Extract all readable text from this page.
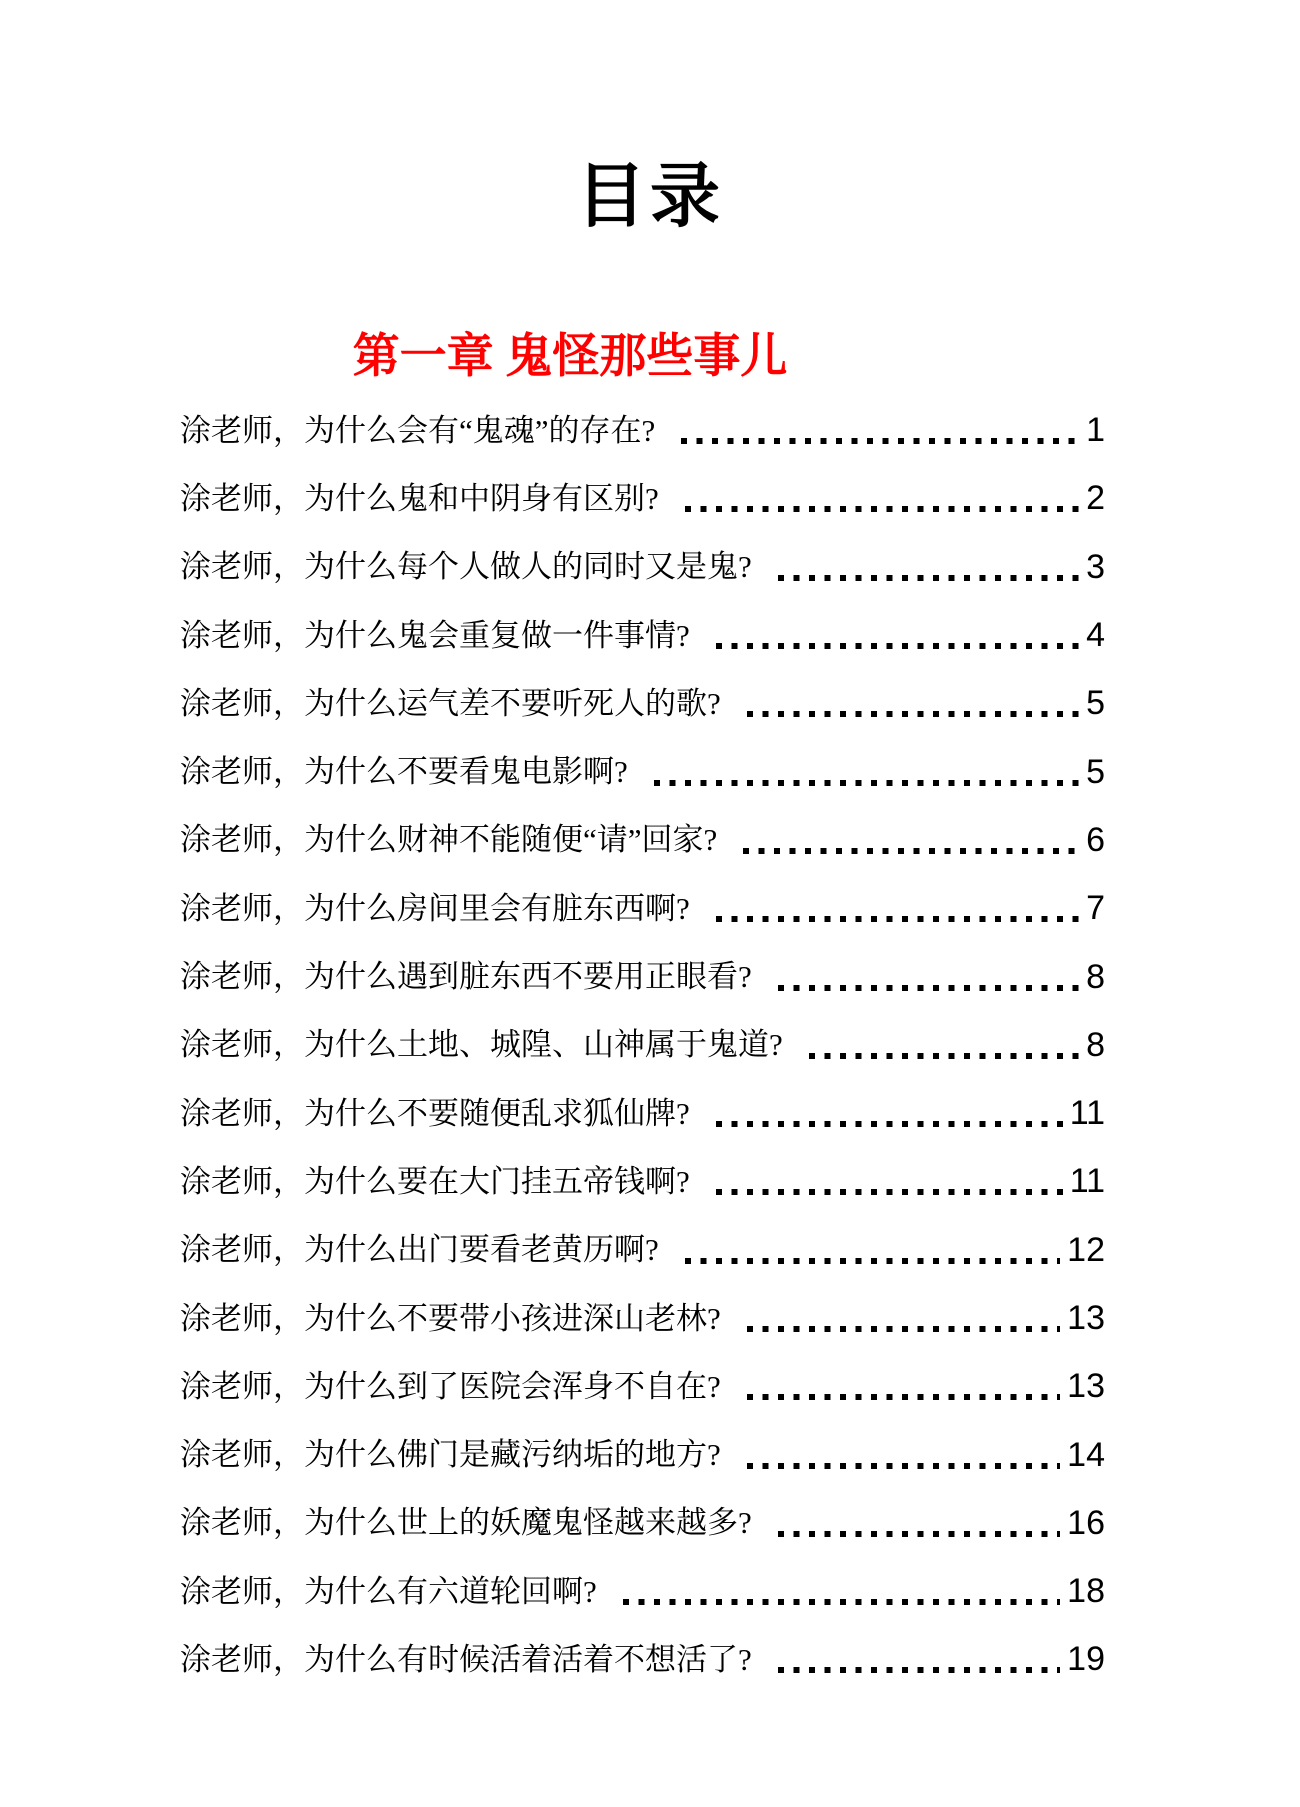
目录
第一章 鬼怪那些事儿
涂老师，为什么会有“鬼魂”的存在?	1
涂老师，为什么鬼和中阴身有区别?	2
涂老师，为什么每个人做人的同时又是鬼?	3
涂老师，为什么鬼会重复做一件事情?	4
涂老师，为什么运气差不要听死人的歌?	5
涂老师，为什么不要看鬼电影啊?	5
涂老师，为什么财神不能随便“请”回家?	6
涂老师，为什么房间里会有脏东西啊?	7
涂老师，为什么遇到脏东西不要用正眼看?	8
涂老师，为什么土地、城隍、山神属于鬼道?	8
涂老师，为什么不要随便乱求狐仙牌?	11
涂老师，为什么要在大门挂五帝钱啊?	11
涂老师，为什么出门要看老黄历啊?	12
涂老师，为什么不要带小孩进深山老林?	13
涂老师，为什么到了医院会浑身不自在?	13
涂老师，为什么佛门是藏污纳垢的地方?	14
涂老师，为什么世上的妖魔鬼怪越来越多?	16
涂老师，为什么有六道轮回啊?	18
涂老师，为什么有时候活着活着不想活了?	19
